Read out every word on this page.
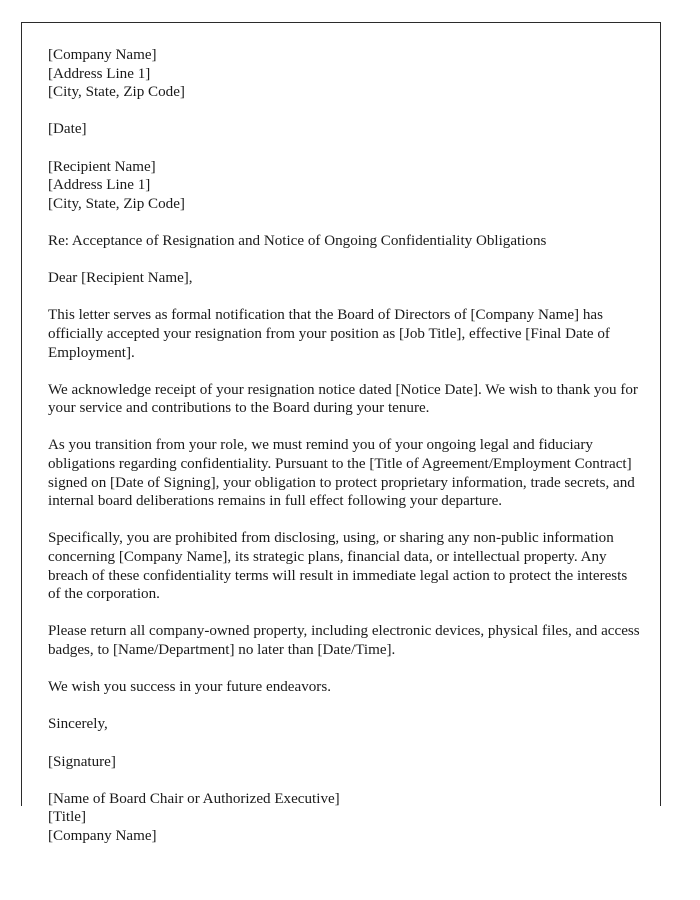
[Company Name]
[Address Line 1]
[City, State, Zip Code]
[Date]
[Recipient Name]
[Address Line 1]
[City, State, Zip Code]

Re: Acceptance of Resignation and Notice of Ongoing Confidentiality Obligations

Dear [Recipient Name],

This letter serves as formal notification that the Board of Directors of [Company Name] has officially accepted your resignation from your position as [Job Title], effective [Final Date of Employment].

We acknowledge receipt of your resignation notice dated [Notice Date]. We wish to thank you for your service and contributions to the Board during your tenure.

As you transition from your role, we must remind you of your ongoing legal and fiduciary obligations regarding confidentiality. Pursuant to the [Title of Agreement/Employment Contract] signed on [Date of Signing], your obligation to protect proprietary information, trade secrets, and internal board deliberations remains in full effect following your departure.

Specifically, you are prohibited from disclosing, using, or sharing any non-public information concerning [Company Name], its strategic plans, financial data, or intellectual property. Any breach of these confidentiality terms will result in immediate legal action to protect the interests of the corporation.

Please return all company-owned property, including electronic devices, physical files, and access badges, to [Name/Department] no later than [Date/Time].

We wish you success in your future endeavors.

Sincerely,

[Signature]

[Name of Board Chair or Authorized Executive]
[Title]
[Company Name]
